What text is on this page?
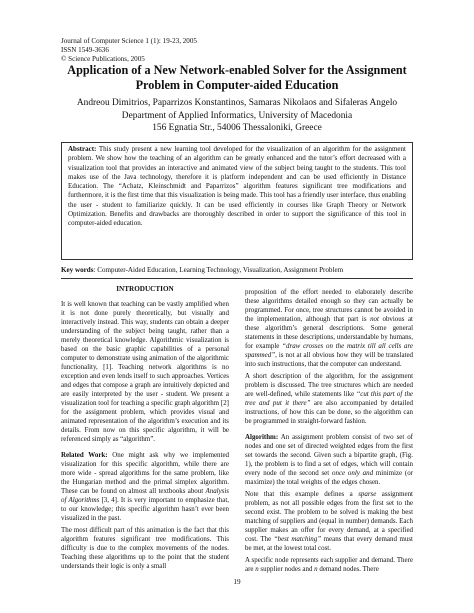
Journal of Computer Science 1 (1): 19-23, 2005
ISSN 1549-3636
© Science Publications, 2005
Application of a New Network-enabled Solver for the Assignment Problem in Computer-aided Education
Andreou Dimitrios, Paparrizos Konstantinos, Samaras Nikolaos and Sifaleras Angelo
Department of Applied Informatics, University of Macedonia
156 Egnatia Str., 54006 Thessaloniki, Greece
Abstract: This study present a new learning tool developed for the visualization of an algorithm for the assignment problem. We show how the teaching of an algorithm can be greatly enhanced and the tutor’s effort decreased with a visualization tool that provides an interactive and animated view of the subject being taught to the students. This tool makes use of the Java technology, therefore it is platform independent and can be used efficiently in Distance Education. The “Achatz, Kleinschmidt and Paparrizos” algorithm features significant tree modifications and furthermore, it is the first time that this visualization is being made. This tool has a friendly user interface, thus enabling the user - student to familiarize quickly. It can be used efficiently in courses like Graph Theory or Network Optimization. Benefits and drawbacks are thoroughly described in order to support the significance of this tool in computer-aided education.
Key words: Computer-Aided Education, Learning Technology, Visualization, Assignment Problem
INTRODUCTION

It is well known that teaching can be vastly amplified when it is not done purely theoretically, but visually and interactively instead. This way, students can obtain a deeper understanding of the subject being taught, rather than a merely theoretical knowledge. Algorithmic visualization is based on the basic graphic capabilities of a personal computer to demonstrate using animation of the algorithmic functionality, [1]. Teaching network algorithms is no exception and even lends itself to such approaches. Vertices and edges that compose a graph are intuitively depicted and are easily interpreted by the user - student. We present a visualization tool for teaching a specific graph algorithm [2] for the assignment problem, which provides visual and animated representation of the algorithm’s execution and its details. From now on this specific algorithm, it will be referenced simply as “algorithm”.

Related Work: One might ask why we implemented visualization for this specific algorithm, while there are more wide - spread algorithms for the same problem, like the Hungarian method and the primal simplex algorithm. These can be found on almost all textbooks about Analysis of Algorithms [3, 4]. It is very important to emphasize that, to our knowledge; this specific algorithm hasn’t ever been visualized in the past.

The most difficult part of this animation is the fact that this algorithm features significant tree modifications. This difficulty is due to the complex movements of the nodes. Teaching these algorithms up to the point that the student understands their logic is only a small

proposition of the effort needed to elaborately describe these algorithms detailed enough so they can actually be programmed. For once, tree structures cannot be avoided in the implementation, although that part is not obvious at these algorithm’s general descriptions. Some general statements in these descriptions, understandable by humans, for example “draw crosses on the matrix till all cells are spammed”, is not at all obvious how they will be translated into such instructions, that the computer can understand.

A short description of the algorithm, for the assignment problem is discussed. The tree structures which are needed are well-defined, while statements like “cut this part of the tree and put it there” are also accompanied by detailed instructions, of how this can be done, so the algorithm can be programmed in straight-forward fashion.

Algorithm: An assignment problem consist of two set of nodes and one set of directed weighted edges from the first set towards the second. Given such a bipartite graph, (Fig. 1), the problem is to find a set of edges, which will contain every node of the second set once only and minimize (or maximize) the total weights of the edges chosen.

Note that this example defines a sparse assignment problem, as not all possible edges from the first set to the second exist. The problem to be solved is making the best matching of suppliers and (equal in number) demands. Each supplier makes an offer for every demand, at a specified cost. The “best matching” means that every demand must be met, at the lowest total cost.

A specific node represents each supplier and demand. There are n supplier nodes and n demand nodes. There

19
